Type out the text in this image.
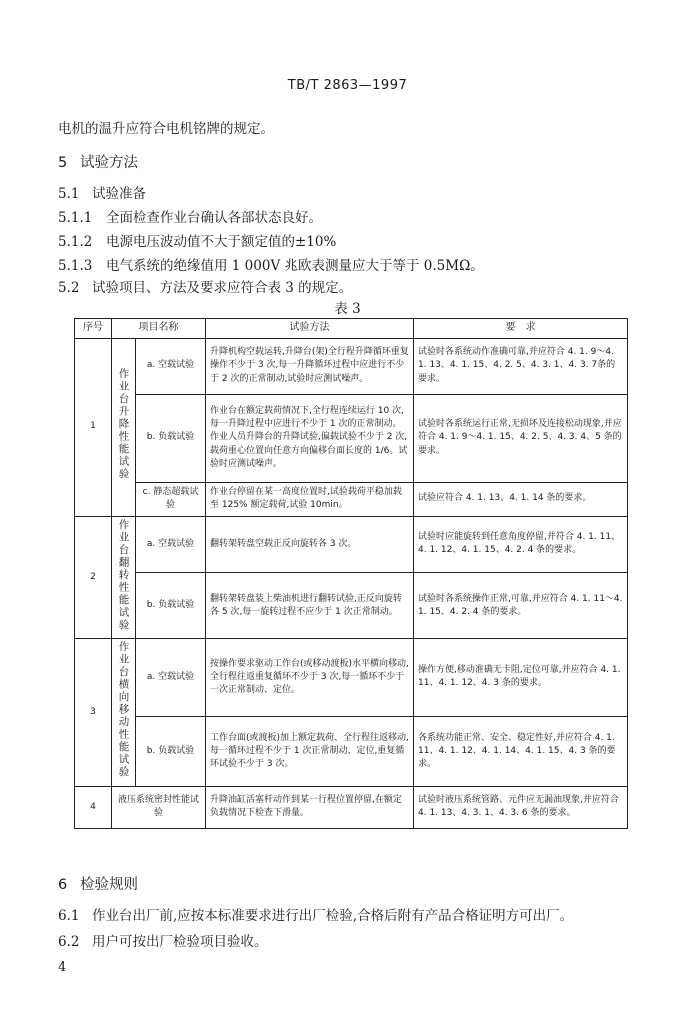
TB/T 2863—1997
电机的温升应符合电机铭牌的规定。
5 试验方法
5.1 试验准备
5.1.1 全面检查作业台确认各部状态良好。
5.1.2 电源电压波动值不大于额定值的±10%
5.1.3 电气系统的绝缘值用 1 000V 兆欧表测量应大于等于 0.5MΩ。
5.2 试验项目、方法及要求应符合表 3 的规定。
表 3
序号	项目名称		试验方法	要　求
1	作业台升降性能试验	a. 空载试验	升降机构空载运转,升降台(架)全行程升降循环重复操作不少于 3 次,每一升降循环过程中应进行不少于 2 次的正常制动,试验时应测试噪声。	试验时各系统动作准确可靠,并应符合 4. 1. 9～4. 1. 13、4. 1. 15、4. 2. 5、4. 3. 1、4. 3. 7条的要求。
		b. 负载试验	作业台在额定载荷情况下,全行程连续运行 10 次,每一升降过程中应进行不少于 1 次的正常制动。作业人员升降台的升降试验,偏载试验不少于 2 次,载荷重心位置向任意方向偏移台面长度的 1/6。试验时应测试噪声。	试验时各系统运行正常,无损坏及连接松动现象,并应符合 4. 1. 9～4. 1. 15、4. 2. 5、4. 3. 4、5 条的要求。
		c. 静态超载试验	作业台停留在某一高度位置时,试验载荷平稳加载至 125% 额定载荷,试验 10min。	试验应符合 4. 1. 13、4. 1. 14 条的要求。
2	作业台翻转性能试验	a. 空载试验	翻转架转盘空载正反向旋转各 3 次。	试验时应能旋转到任意角度停留,并符合 4. 1. 11、4. 1. 12、4. 1. 15、4. 2. 4 条的要求。
		b. 负载试验	翻转架转盘装上柴油机进行翻转试验,正反向旋转各 5 次,每一旋转过程不应少于 1 次正常制动。	试验时各系统操作正常,可靠,并应符合 4. 1. 11～4. 1. 15、4. 2. 4 条的要求。
3	作业台横向移动性能试验	a. 空载试验	按操作要求驱动工作台(或移动渡板)水平横向移动,全行程往返重复循环不少于 3 次,每一循环不少于一次正常制动、定位。	操作方便,移动准确无卡阻,定位可靠,并应符合 4. 1. 11、4. 1. 12、4. 3 条的要求。
		b. 负载试验	工作台面(或渡板)加上额定载荷、全行程往返移动,每一循环过程不少于 1 次正常制动、定位,重复循环试验不少于 3 次。	各系统功能正常、安全、稳定性好,并应符合 4. 1. 11、4. 1. 12、4. 1. 14、4. 1. 15、4. 3 条的要求。
4	液压系统密封性能试验		升降油缸活塞杆动作到某一行程位置停留,在额定负载情况下检查下滑量。	试验时液压系统管路、元件应无漏油现象,并应符合 4. 1. 13、4. 3. 1、4. 3. 6 条的要求。
6 检验规则
6.1 作业台出厂前,应按本标准要求进行出厂检验,合格后附有产品合格证明方可出厂。
6.2 用户可按出厂检验项目验收。
4
